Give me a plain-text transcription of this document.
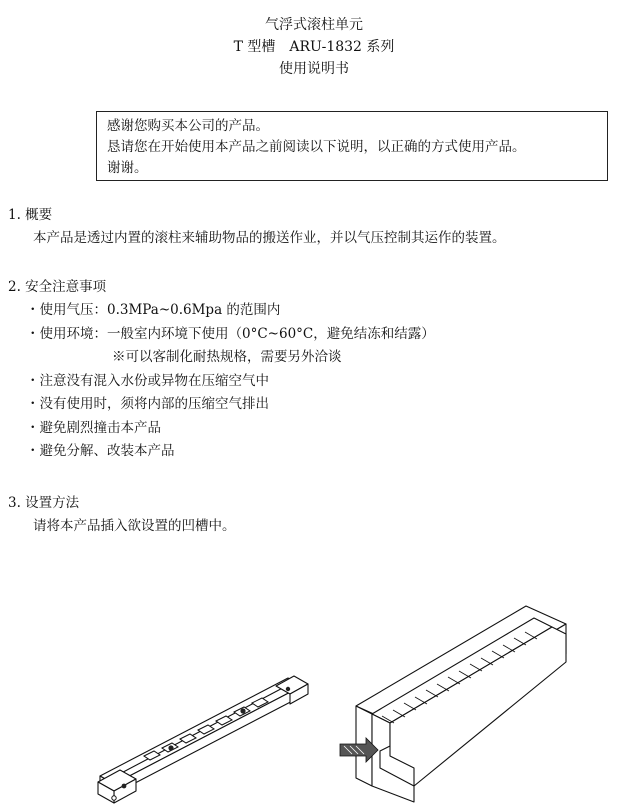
气浮式滚柱单元
T 型槽　ARU-1832 系列
使用说明书
感谢您购买本公司的产品。
恳请您在开始使用本产品之前阅读以下说明，以正确的方式使用产品。
谢谢。
1. 概要
本产品是透过内置的滚柱来辅助物品的搬送作业，并以气压控制其运作的装置。
2. 安全注意事项
・ 使用气压：0.3MPa~0.6Mpa 的范围内
・ 使用环境：一般室内环境下使用（0°C~60°C，避免结冻和结露）
※可以客制化耐热规格，需要另外洽谈
・ 注意没有混入水份或异物在压缩空气中
・ 没有使用时，须将内部的压缩空气排出
・ 避免剧烈撞击本产品
・ 避免分解、改装本产品
3. 设置方法
请将本产品插入欲设置的凹槽中。
